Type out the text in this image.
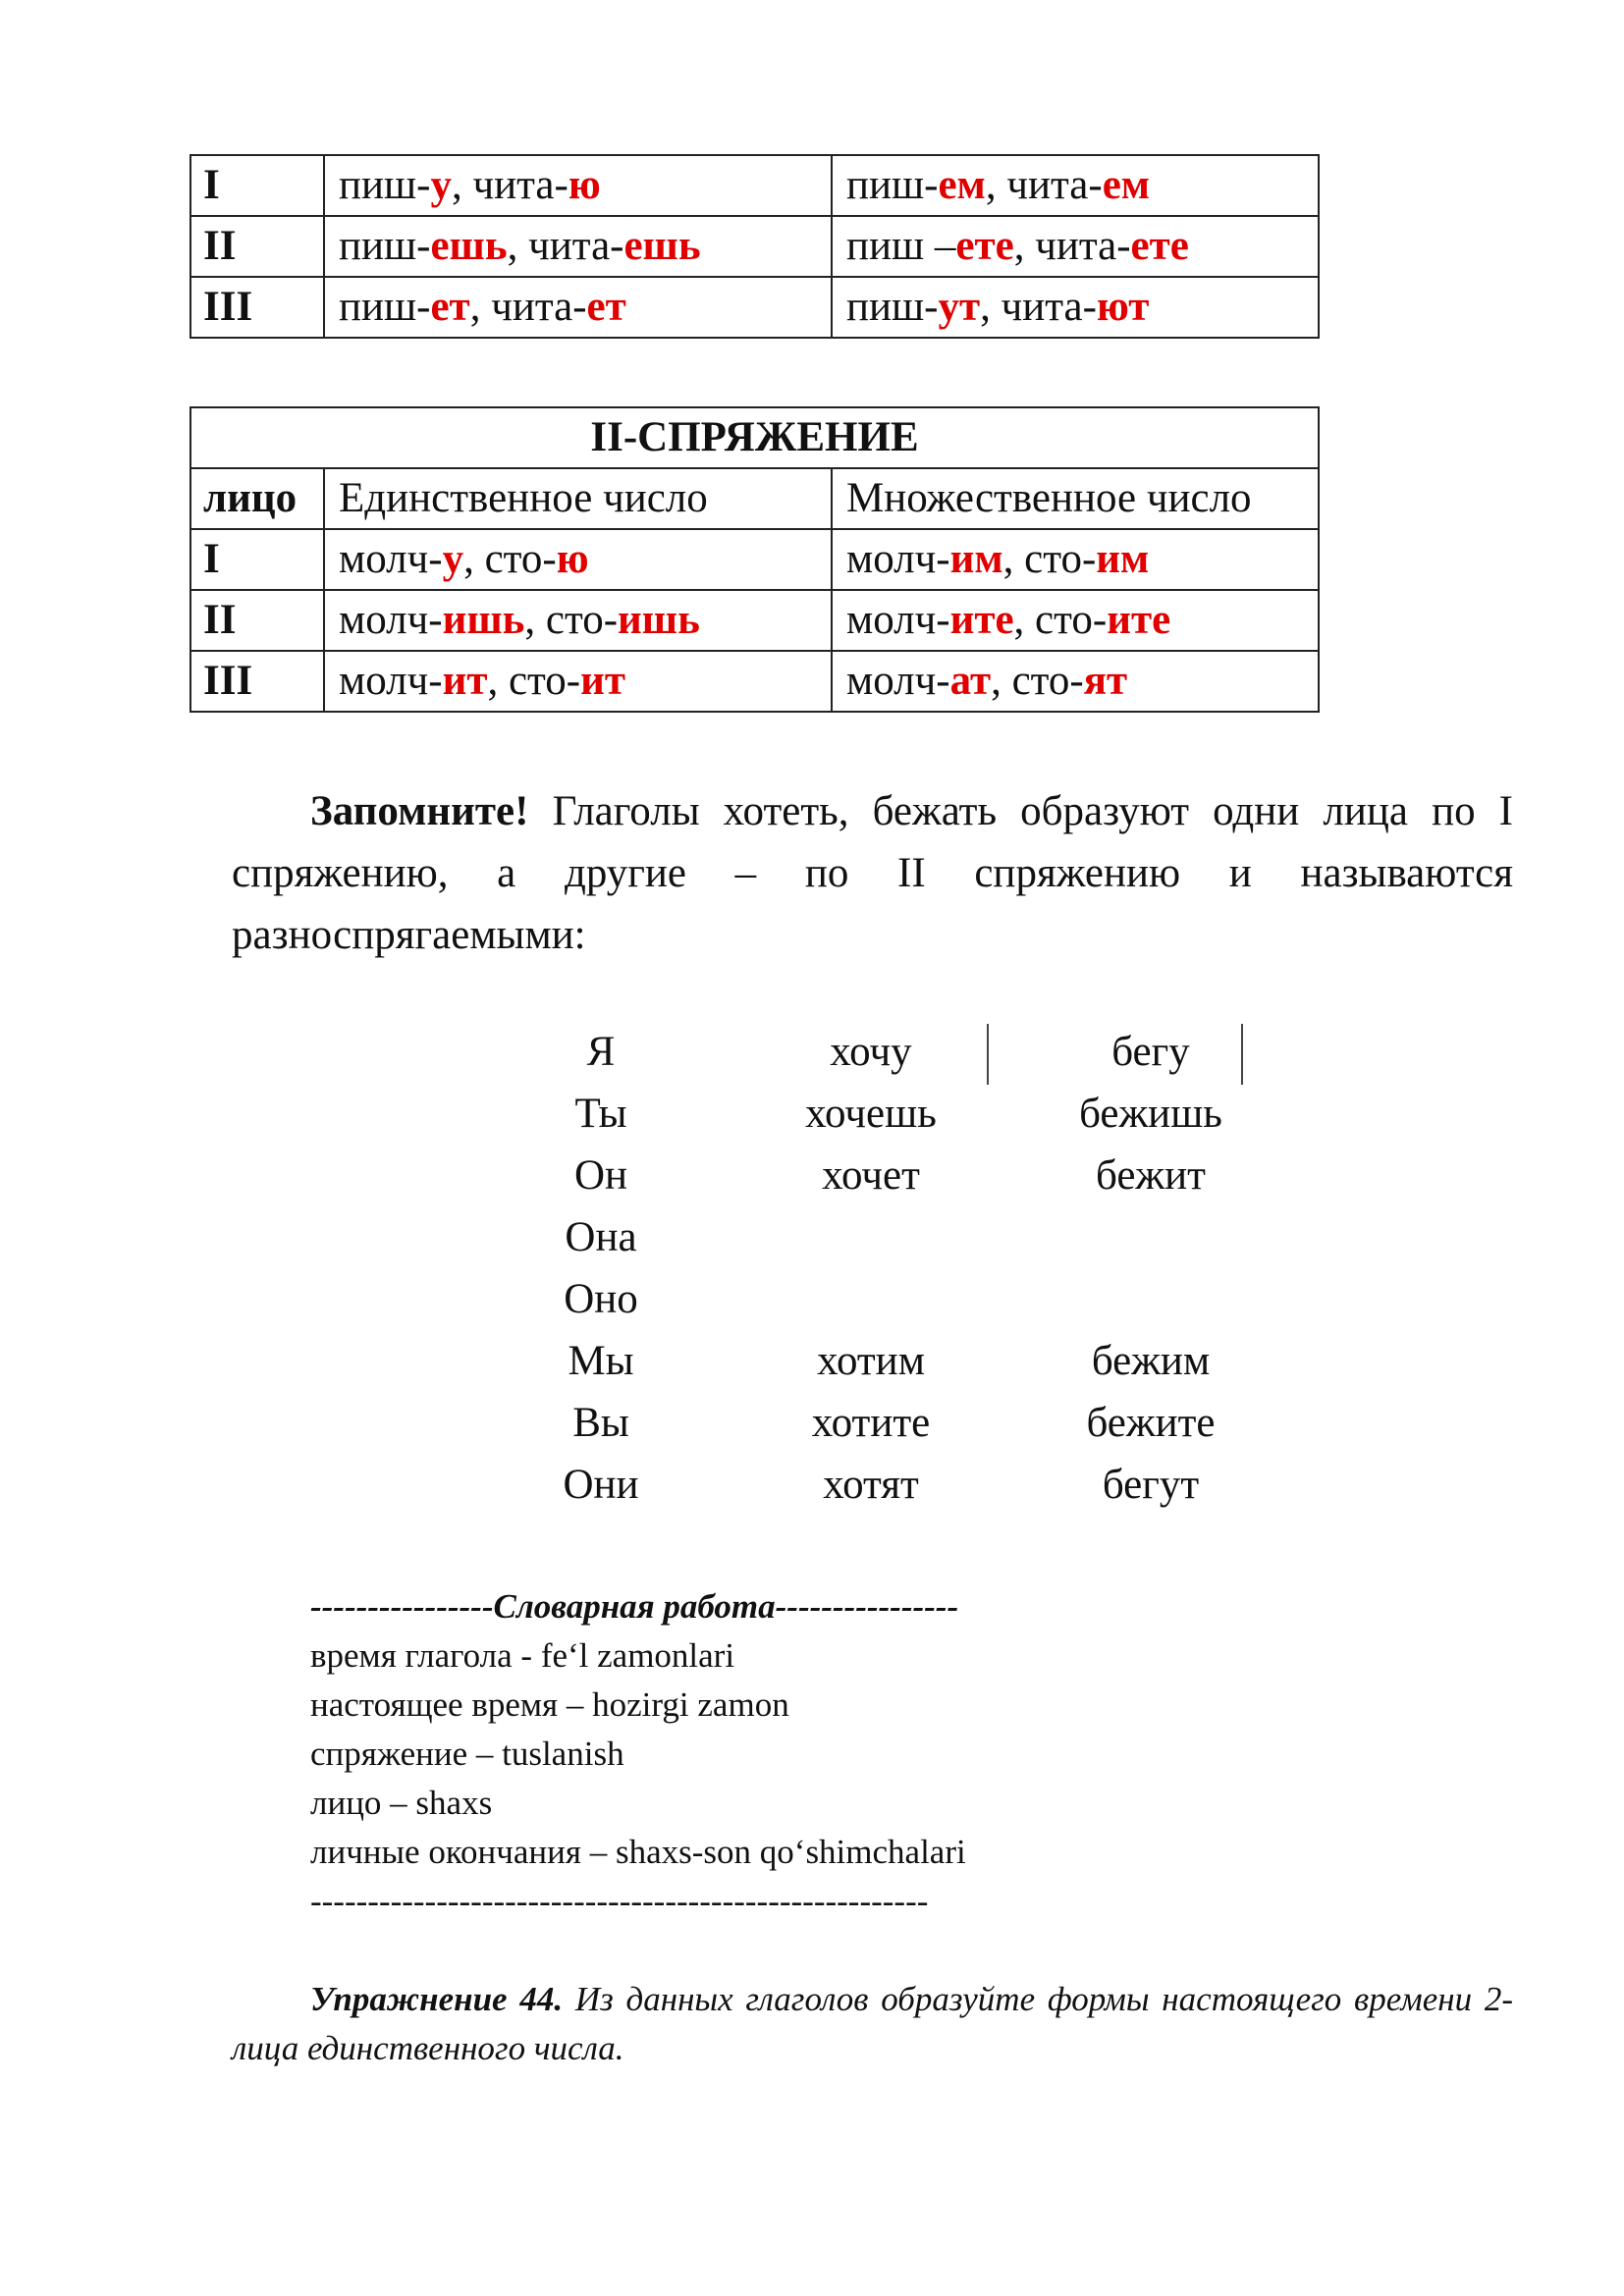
I	пиш-у, чита-ю	пиш-ем, чита-ем
II	пиш-ешь, чита-ешь	пиш –ете, чита-ете
III	пиш-ет, чита-ет	пиш-ут, чита-ют
II-СПРЯЖЕНИЕ		
лицо	Единственное число	Множественное число
I	молч-у, сто-ю	молч-им, сто-им
II	молч-ишь, сто-ишь	молч-ите, сто-ите
III	молч-ит, сто-ит	молч-ат, сто-ят

Запомните! Глаголы хотеть, бежать образуют одни лица по I спряжению, а другие – по II спряжению и называются разноспрягаемыми:

Я	хочу	бегу
Ты	хочешь	бежишь
Он	хочет	бежит
Она
Оно
Мы	хотим	бежим
Вы	хотите	бежите
Они	хотят	бегут
----------------Словарная работа----------------
время глагола - fe‘l zamonlari
настоящее время – hozirgi zamon
спряжение – tuslanish
лицо – shaxs
личные окончания – shaxs-son qo‘shimchalari
------------------------------------------------------

Упражнение 44. Из данных глаголов образуйте формы настоящего времени 2-лица единственного числа.
